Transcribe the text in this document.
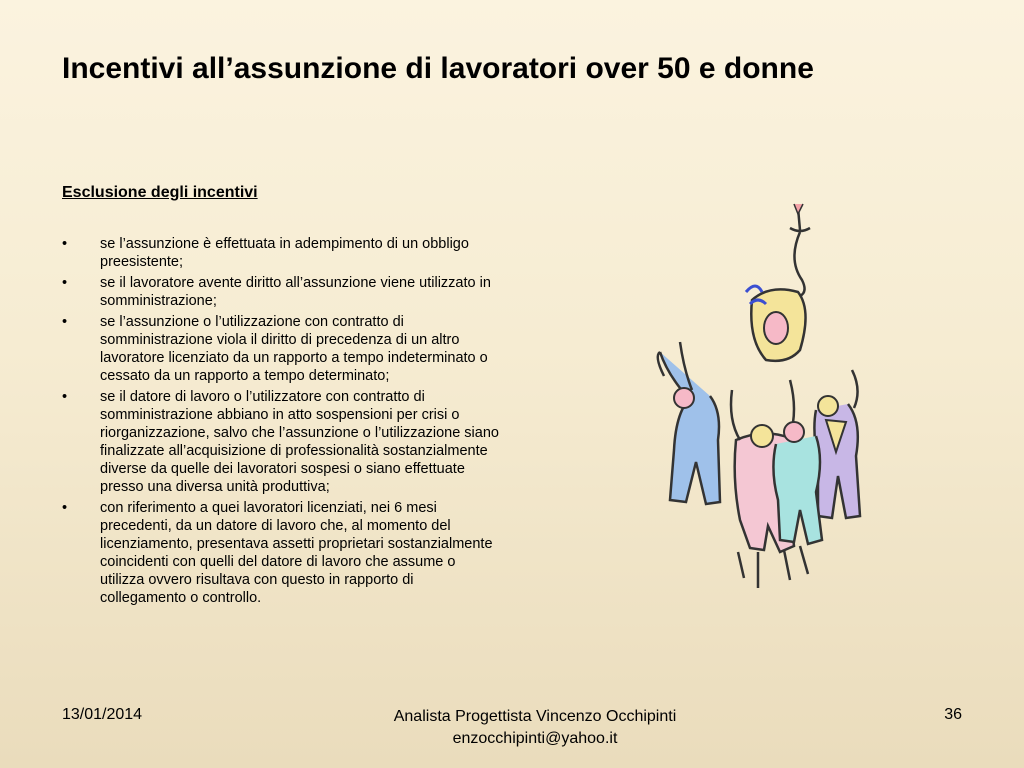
Incentivi all’assunzione di lavoratori over 50 e donne
Esclusione degli incentivi
• se l’assunzione è effettuata in adempimento di un obbligo preesistente;
• se il lavoratore avente diritto all’assunzione viene utilizzato in somministrazione;
• se l’assunzione o l’utilizzazione con contratto di somministrazione viola il diritto di precedenza di un altro lavoratore licenziato da un rapporto a tempo indeterminato o cessato da un rapporto a tempo determinato;
• se il datore di lavoro o l’utilizzatore con contratto di somministrazione abbiano in atto sospensioni per crisi o riorganizzazione, salvo che l’assunzione o l’utilizzazione siano finalizzate all’acquisizione di professionalità sostanzialmente diverse da quelle dei lavoratori sospesi o siano effettuate presso una diversa unità produttiva;
• con riferimento a quei lavoratori licenziati, nei 6 mesi precedenti, da un datore di lavoro che, al momento del licenziamento, presentava assetti proprietari sostanzialmente coincidenti con quelli del datore di lavoro che assume o utilizza ovvero risultava con questo in rapporto di collegamento o controllo.
13/01/2014	Analista Progettista Vincenzo Occhipinti
enzocchipinti@yahoo.it
36
